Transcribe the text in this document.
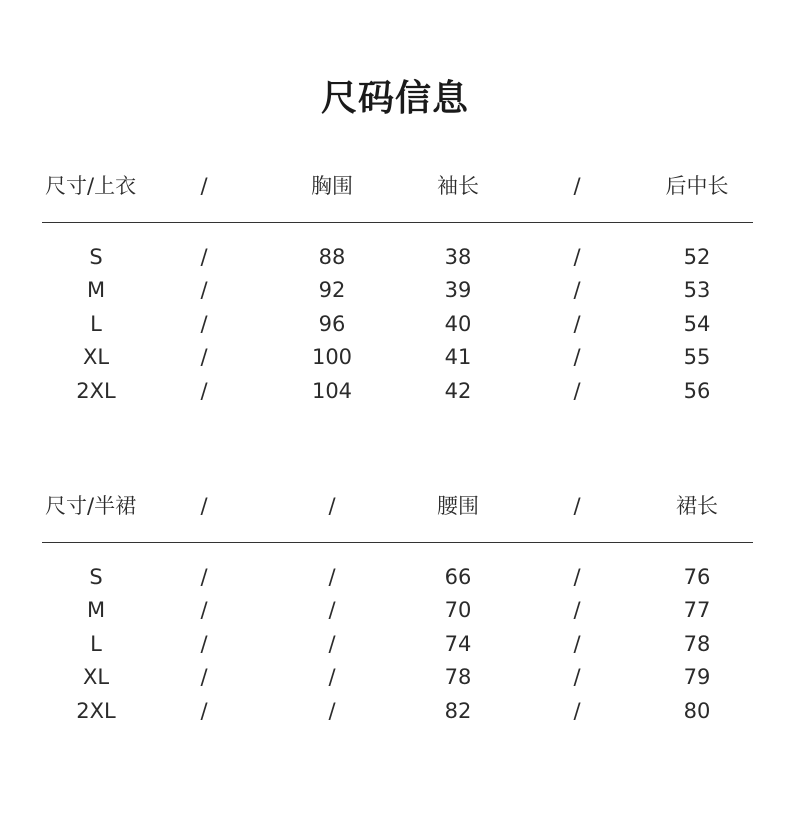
尺码信息
尺寸/上衣	/	胸围	袖长	/	后中长
S	/	88	38	/	52
M	/	92	39	/	53
L	/	96	40	/	54
XL	/	100	41	/	55
2XL	/	104	42	/	56
尺寸/半裙	/	/	腰围	/	裙长
S	/	/	66	/	76
M	/	/	70	/	77
L	/	/	74	/	78
XL	/	/	78	/	79
2XL	/	/	82	/	80
